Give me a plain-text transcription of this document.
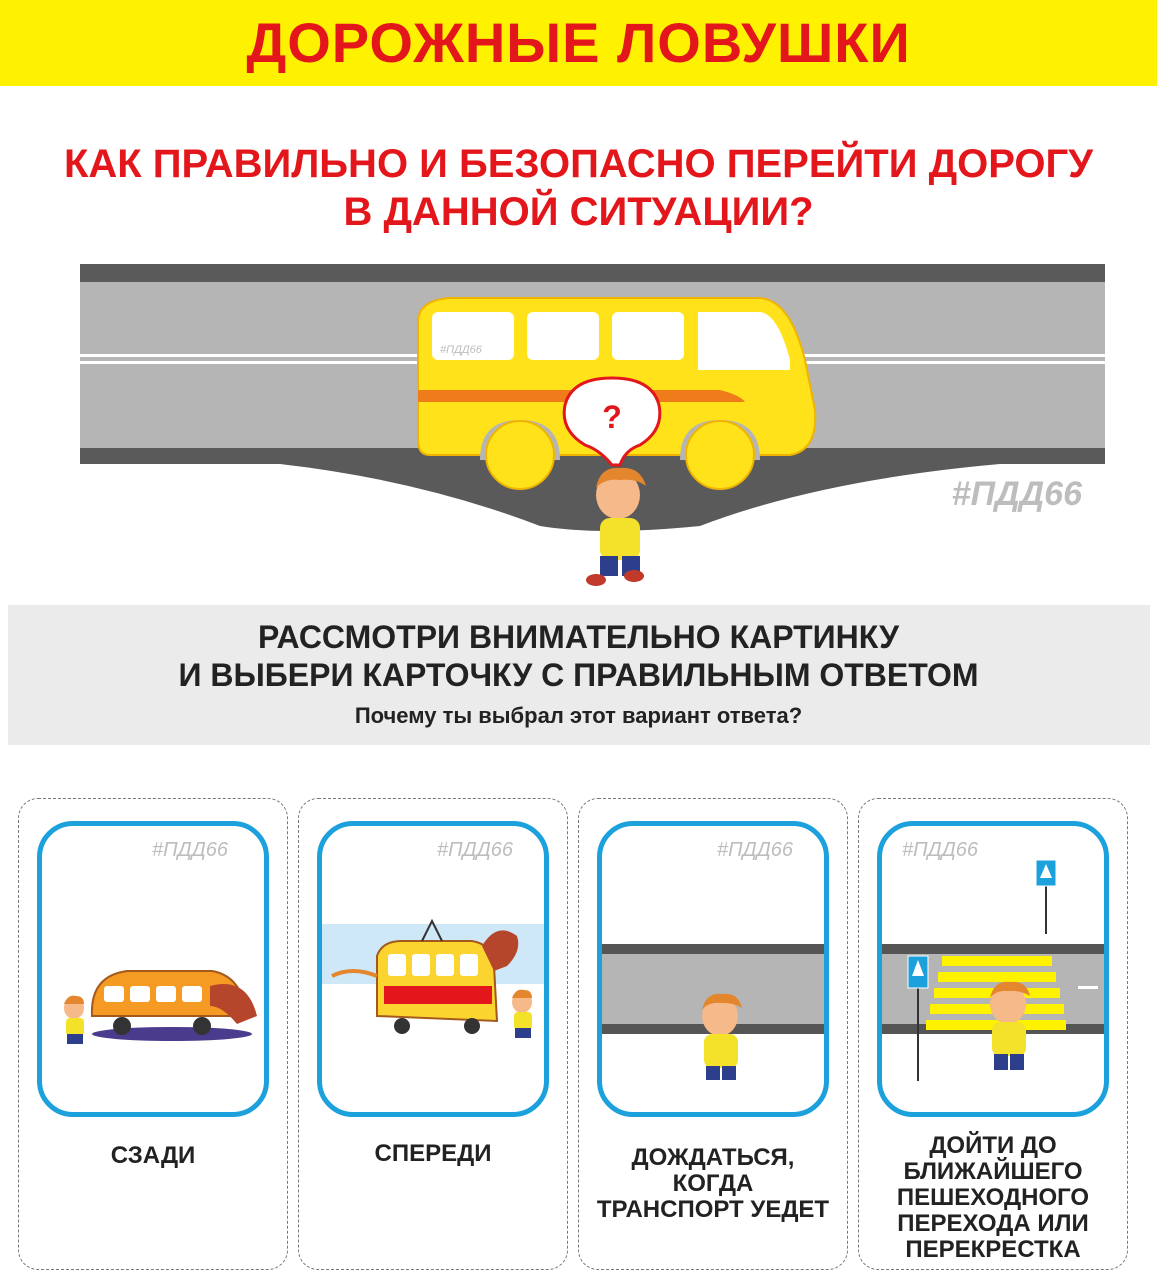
ДОРОЖНЫЕ ЛОВУШКИ
КАК ПРАВИЛЬНО И БЕЗОПАСНО ПЕРЕЙТИ ДОРОГУ
В ДАННОЙ СИТУАЦИИ?
#ПДД66
?
#ПДД66
РАССМОТРИ ВНИМАТЕЛЬНО КАРТИНКУ
И ВЫБЕРИ КАРТОЧКУ С ПРАВИЛЬНЫМ ОТВЕТОМ
Почему ты выбрал этот вариант ответа?
#ПДД66
СЗАДИ
#ПДД66
СПЕРЕДИ
#ПДД66
ДОЖДАТЬСЯ,
КОГДА
ТРАНСПОРТ УЕДЕТ
#ПДД66
ДОЙТИ ДО
БЛИЖАЙШЕГО
ПЕШЕХОДНОГО
ПЕРЕХОДА ИЛИ
ПЕРЕКРЕСТКА
